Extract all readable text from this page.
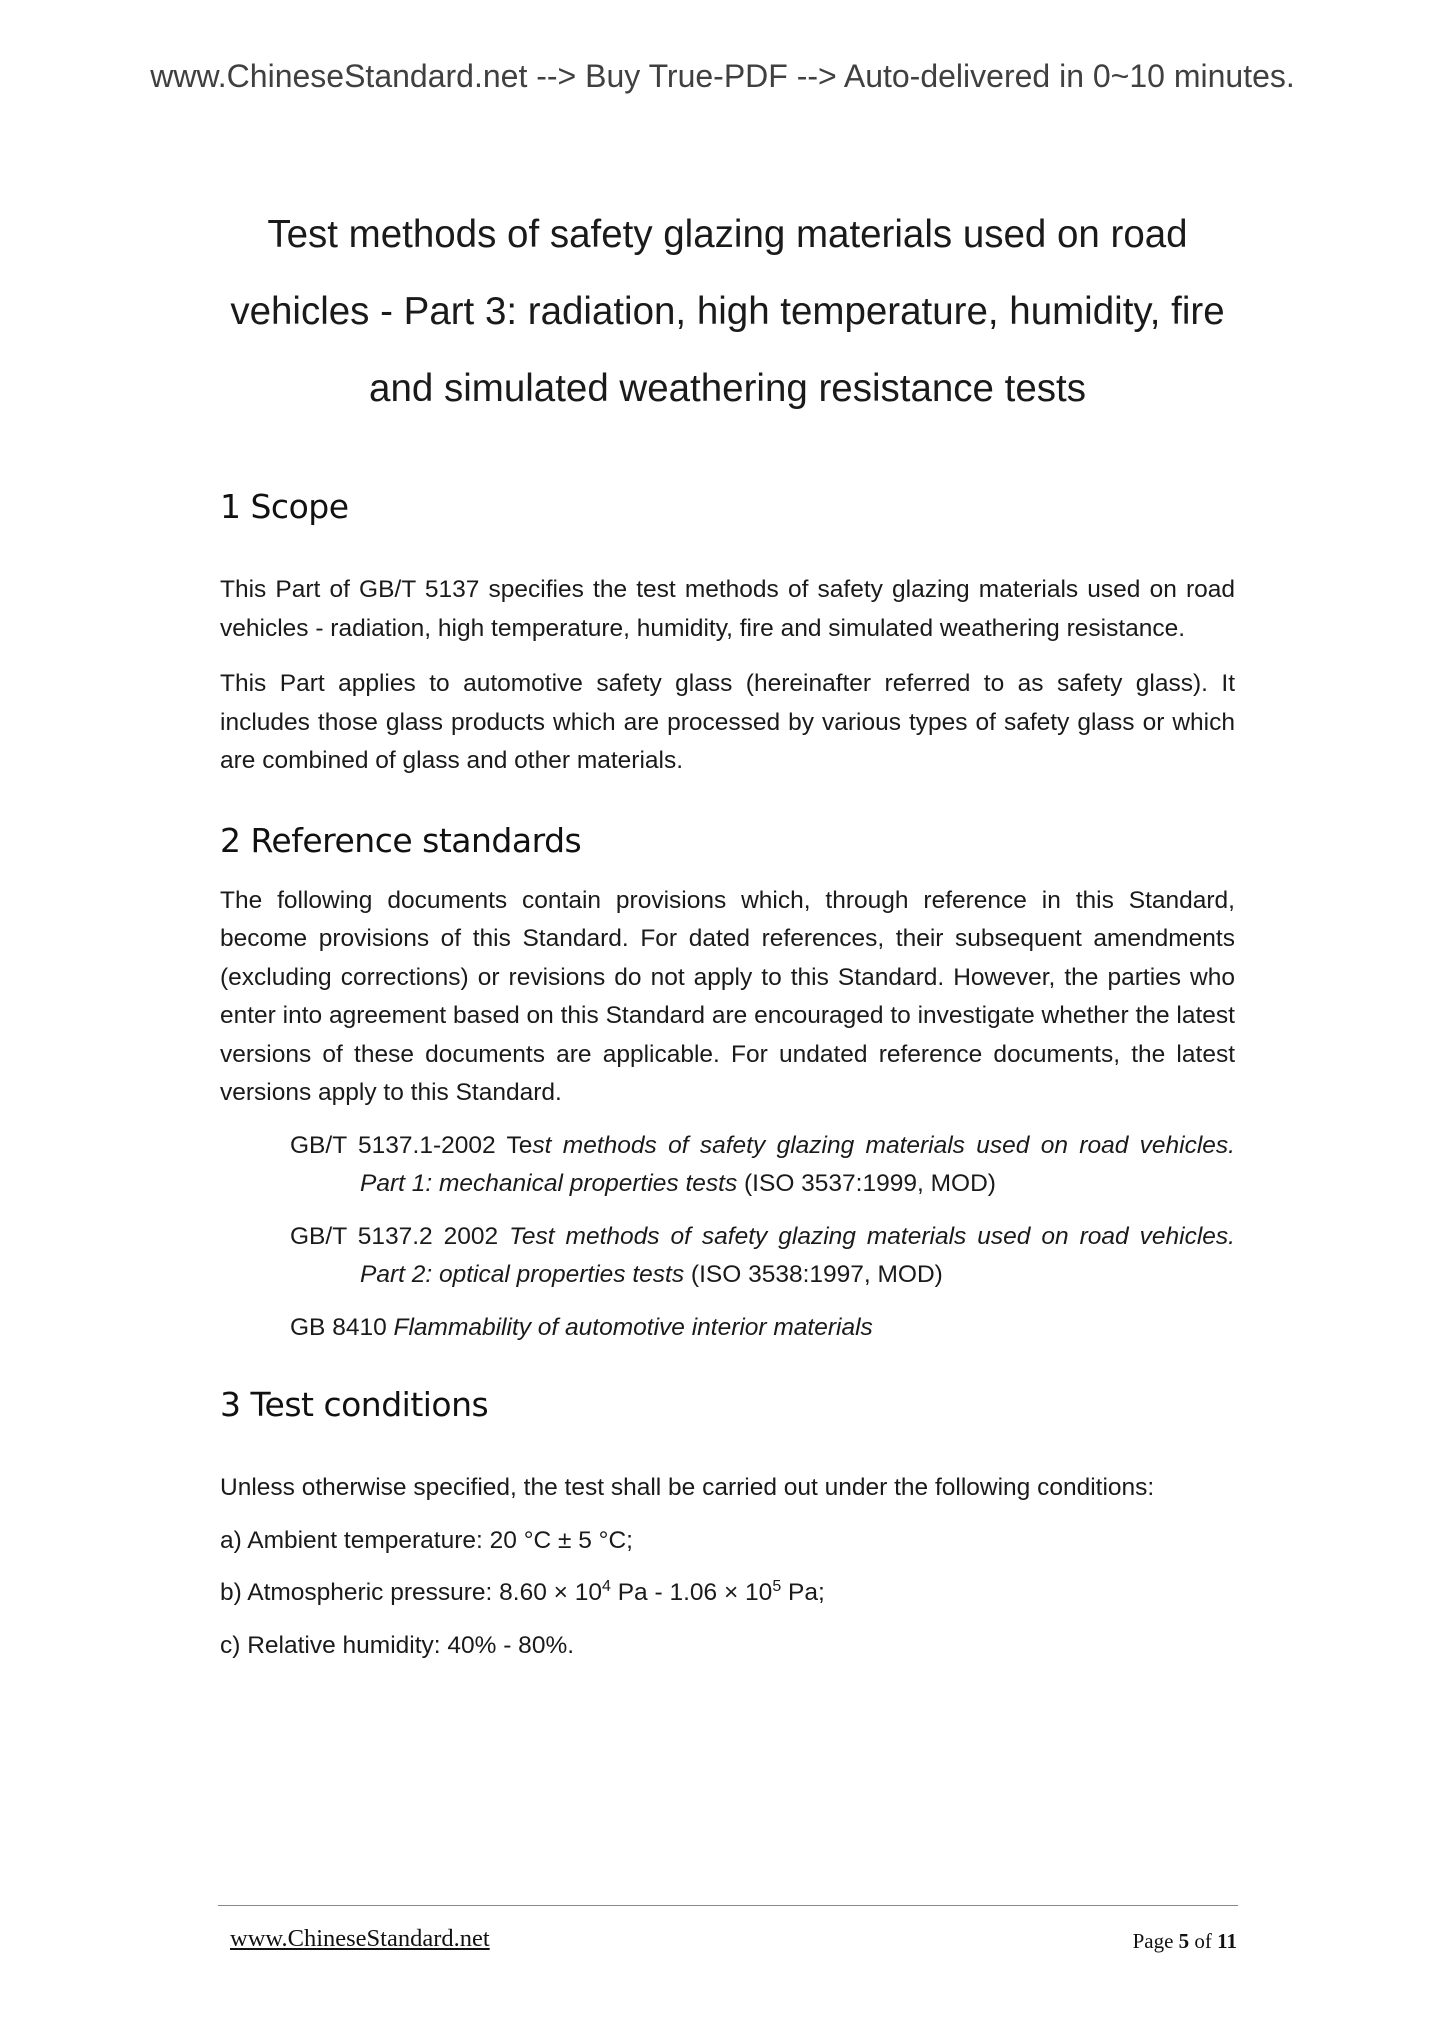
www.ChineseStandard.net --> Buy True-PDF --> Auto-delivered in 0~10 minutes.
Test methods of safety glazing materials used on road
vehicles - Part 3: radiation, high temperature, humidity, fire
and simulated weathering resistance tests
1 Scope

This Part of GB/T 5137 specifies the test methods of safety glazing materials used on road vehicles - radiation, high temperature, humidity, fire and simulated weathering resistance.

This Part applies to automotive safety glass (hereinafter referred to as safety glass). It includes those glass products which are processed by various types of safety glass or which are combined of glass and other materials.

2 Reference standards

The following documents contain provisions which, through reference in this Standard, become provisions of this Standard. For dated references, their subsequent amendments (excluding corrections) or revisions do not apply to this Standard. However, the parties who enter into agreement based on this Standard are encouraged to investigate whether the latest versions of these documents are applicable. For undated reference documents, the latest versions apply to this Standard.

GB/T 5137.1-2002 Test methods of safety glazing materials used on road vehicles. Part 1: mechanical properties tests (ISO 3537:1999, MOD)
GB/T 5137.2 2002 Test methods of safety glazing materials used on road vehicles. Part 2: optical properties tests (ISO 3538:1997, MOD)
GB 8410 Flammability of automotive interior materials
3 Test conditions

Unless otherwise specified, the test shall be carried out under the following conditions:

a) Ambient temperature: 20 °C ± 5 °C;

b) Atmospheric pressure: $8.60 \times 10^4$ $Pa - 1.06 \times 10^5$ Pa;

c) Relative humidity: 40% - 80%.

www.ChineseStandard.net	Page 5 of 11
